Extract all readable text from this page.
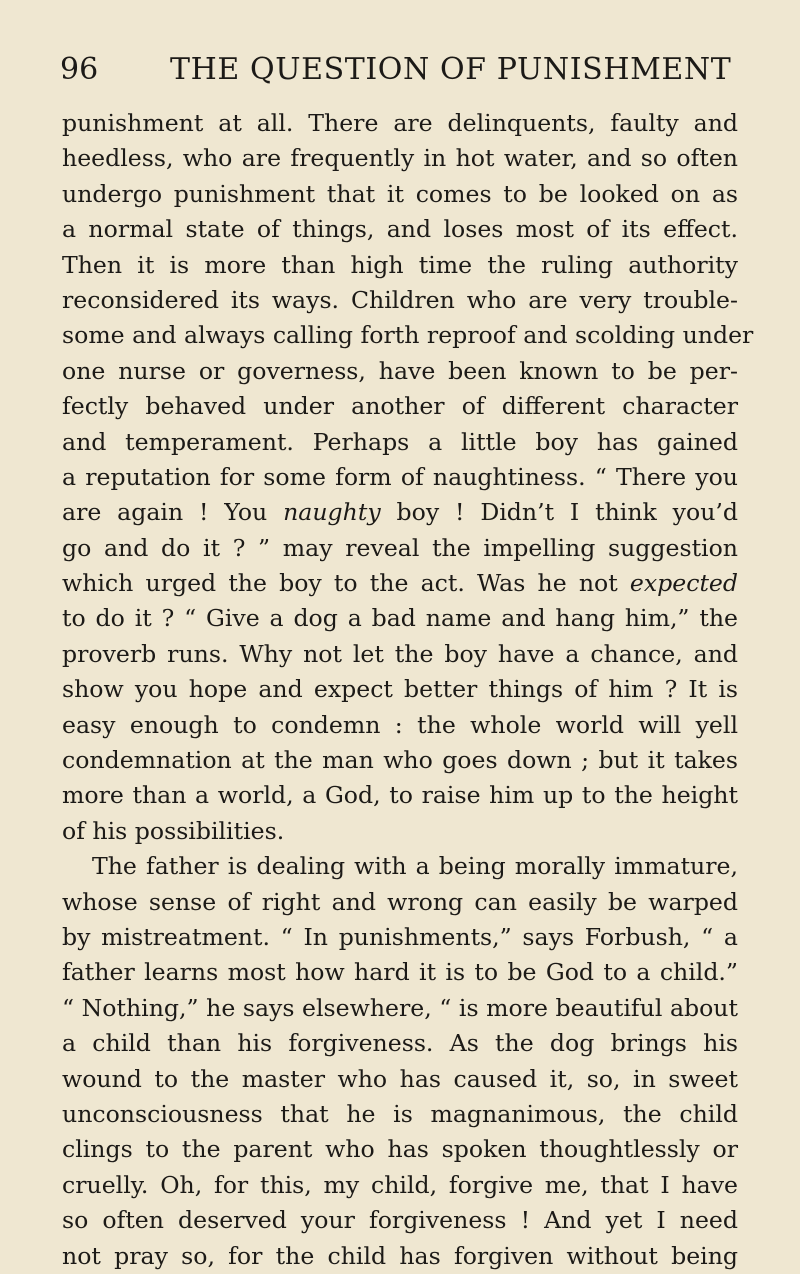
96 THE QUESTION OF PUNISHMENT
punishment at all. There are delinquents, faulty and
heedless, who are frequently in hot water, and so often
undergo punishment that it comes to be looked on as
a normal state of things, and loses most of its effect.
Then it is more than high time the ruling authority
reconsidered its ways. Children who are very trouble-
some and always calling forth reproof and scolding under
one nurse or governess, have been known to be per-
fectly behaved under another of different character
and temperament. Perhaps a little boy has gained
a reputation for some form of naughtiness. “ There you
are again ! You naughty boy ! Didn’t I think you’d
go and do it ? ” may reveal the impelling suggestion
which urged the boy to the act. Was he not expected
to do it ? “ Give a dog a bad name and hang him,” the
proverb runs. Why not let the boy have a chance, and
show you hope and expect better things of him ? It is
easy enough to condemn : the whole world will yell
condemnation at the man who goes down ; but it takes
more than a world, a God, to raise him up to the height
of his possibilities.
The father is dealing with a being morally immature,
whose sense of right and wrong can easily be warped
by mistreatment. “ In punishments,” says Forbush, “ a
father learns most how hard it is to be God to a child.”
“ Nothing,” he says elsewhere, “ is more beautiful about
a child than his forgiveness. As the dog brings his
wound to the master who has caused it, so, in sweet
unconsciousness that he is magnanimous, the child
clings to the parent who has spoken thoughtlessly or
cruelly. Oh, for this, my child, forgive me, that I have
so often deserved your forgiveness ! And yet I need
not pray so, for the child has forgiven without being
